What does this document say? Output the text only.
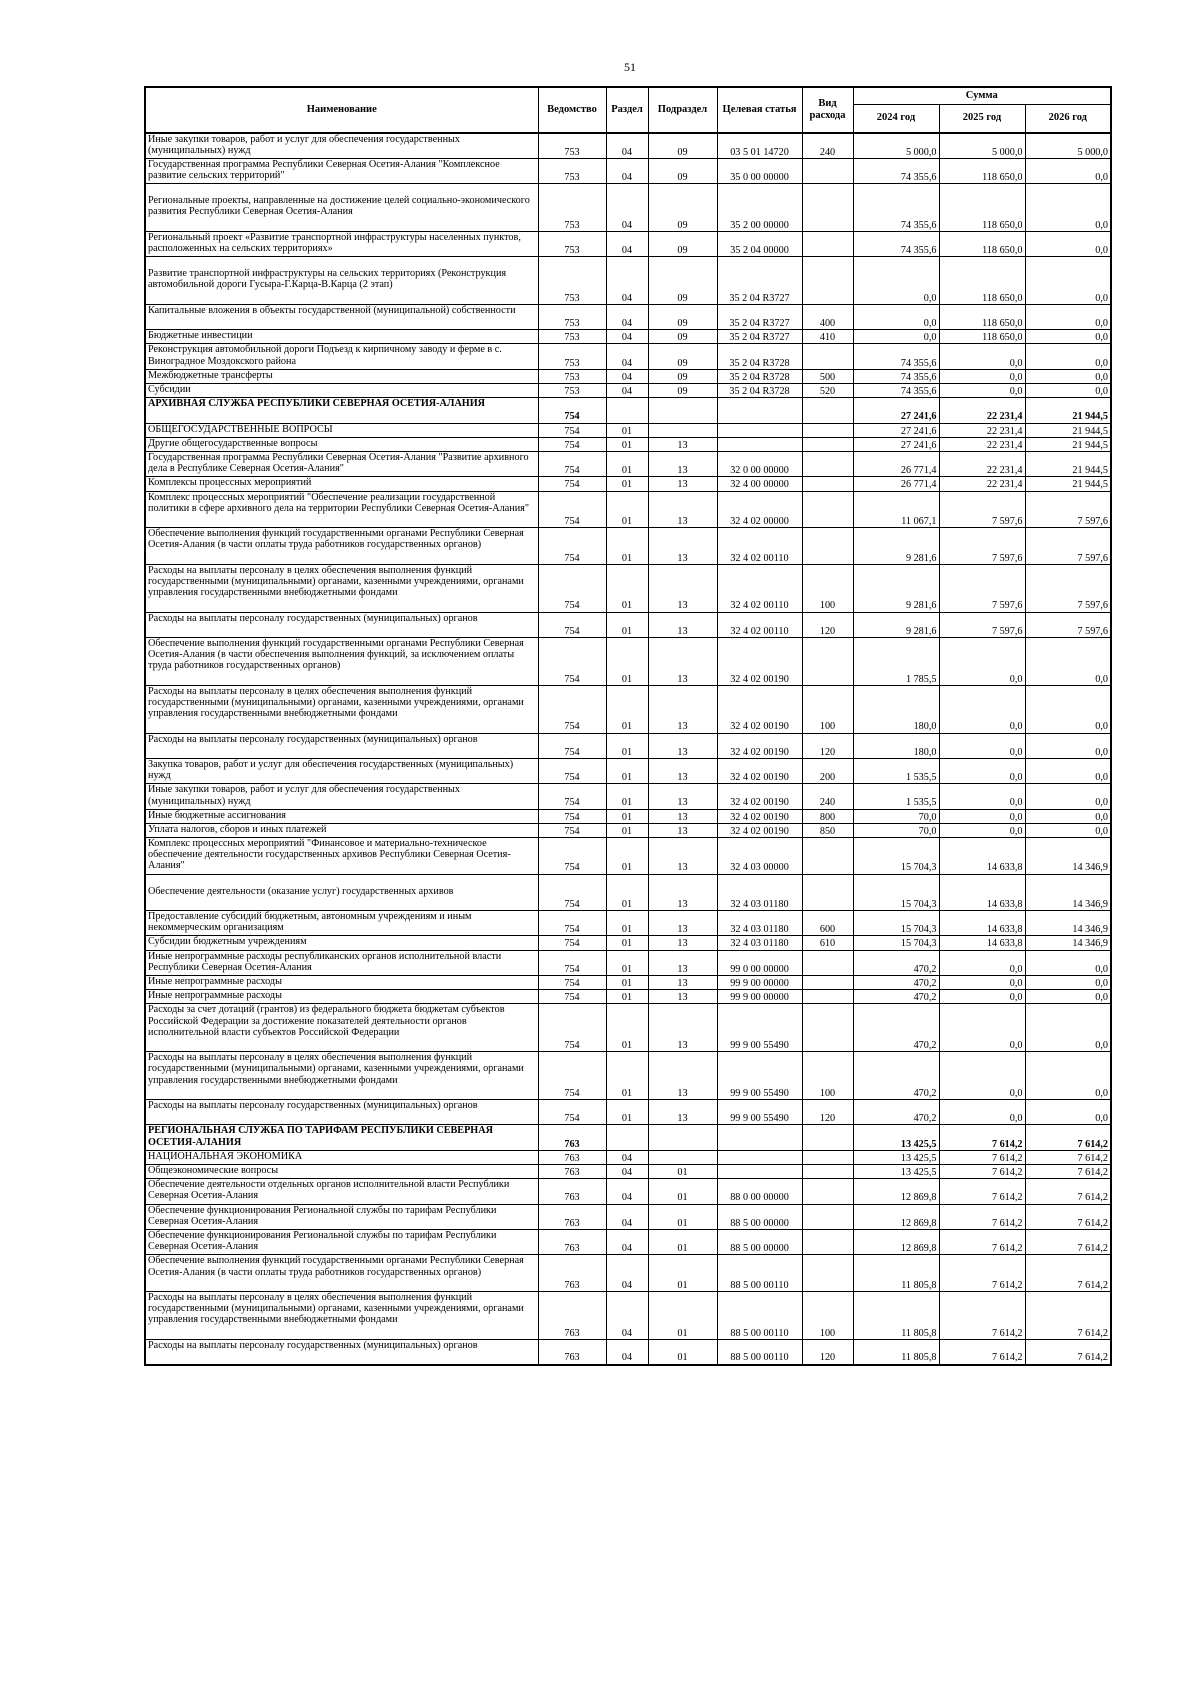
51
Наименование	Ведомство	Раздел	Подраздел	Целевая статья	Вид расхода	Сумма		
						2024 год	2025 год	2026 год
Иные закупки товаров, работ и услуг для обеспечения государственных (муниципальных) нужд	753	04	09	03 5 01 14720	240	5 000,0	5 000,0	5 000,0
Государственная программа Республики Северная Осетия-Алания "Комплексное развитие сельских территорий"	753	04	09	35 0 00 00000		74 355,6	118 650,0	0,0
Региональные проекты, направленные на достижение целей социально-экономического развития Республики Северная Осетия-Алания	753	04	09	35 2 00 00000		74 355,6	118 650,0	0,0
Региональный проект «Развитие транспортной инфраструктуры населенных пунктов, расположенных на сельских территориях»	753	04	09	35 2 04 00000		74 355,6	118 650,0	0,0
Развитие транспортной инфраструктуры на сельских территориях (Реконструкция автомобильной дороги Гусыра-Г.Карца-В.Карца (2 этап)	753	04	09	35 2 04 R3727		0,0	118 650,0	0,0
Капитальные вложения в объекты государственной (муниципальной) собственности	753	04	09	35 2 04 R3727	400	0,0	118 650,0	0,0
Бюджетные инвестиции	753	04	09	35 2 04 R3727	410	0,0	118 650,0	0,0
Реконструкция автомобильной дороги Подъезд к кирпичному заводу и ферме в с. Виноградное Моздокского района	753	04	09	35 2 04 R3728		74 355,6	0,0	0,0
Межбюджетные трансферты	753	04	09	35 2 04 R3728	500	74 355,6	0,0	0,0
Субсидии	753	04	09	35 2 04 R3728	520	74 355,6	0,0	0,0
АРХИВНАЯ СЛУЖБА РЕСПУБЛИКИ СЕВЕРНАЯ ОСЕТИЯ-АЛАНИЯ	754					27 241,6	22 231,4	21 944,5
ОБЩЕГОСУДАРСТВЕННЫЕ ВОПРОСЫ	754	01				27 241,6	22 231,4	21 944,5
Другие общегосударственные вопросы	754	01	13			27 241,6	22 231,4	21 944,5
Государственная программа Республики Северная Осетия-Алания "Развитие архивного дела в Республике Северная Осетия-Алания"	754	01	13	32 0 00 00000		26 771,4	22 231,4	21 944,5
Комплексы процессных мероприятий	754	01	13	32 4 00 00000		26 771,4	22 231,4	21 944,5
Комплекс процессных мероприятий "Обеспечение реализации государственной политики в сфере архивного дела на территории Республики Северная Осетия-Алания"	754	01	13	32 4 02 00000		11 067,1	7 597,6	7 597,6
Обеспечение выполнения функций государственными органами Республики Северная Осетия-Алания (в части оплаты труда работников государственных органов)	754	01	13	32 4 02 00110		9 281,6	7 597,6	7 597,6
Расходы на выплаты персоналу в целях обеспечения выполнения функций государственными (муниципальными) органами, казенными учреждениями, органами управления государственными внебюджетными фондами	754	01	13	32 4 02 00110	100	9 281,6	7 597,6	7 597,6
Расходы на выплаты персоналу государственных (муниципальных) органов	754	01	13	32 4 02 00110	120	9 281,6	7 597,6	7 597,6
Обеспечение выполнения функций государственными органами Республики Северная Осетия-Алания (в части обеспечения выполнения функций, за исключением оплаты труда работников государственных органов)	754	01	13	32 4 02 00190		1 785,5	0,0	0,0
Расходы на выплаты персоналу в целях обеспечения выполнения функций государственными (муниципальными) органами, казенными учреждениями, органами управления государственными внебюджетными фондами	754	01	13	32 4 02 00190	100	180,0	0,0	0,0
Расходы на выплаты персоналу государственных (муниципальных) органов	754	01	13	32 4 02 00190	120	180,0	0,0	0,0
Закупка товаров, работ и услуг для обеспечения государственных (муниципальных) нужд	754	01	13	32 4 02 00190	200	1 535,5	0,0	0,0
Иные закупки товаров, работ и услуг для обеспечения государственных (муниципальных) нужд	754	01	13	32 4 02 00190	240	1 535,5	0,0	0,0
Иные бюджетные ассигнования	754	01	13	32 4 02 00190	800	70,0	0,0	0,0
Уплата налогов, сборов и иных платежей	754	01	13	32 4 02 00190	850	70,0	0,0	0,0
Комплекс процессных мероприятий "Финансовое и материально-техническое обеспечение деятельности государственных архивов Республики Северная Осетия-Алания"	754	01	13	32 4 03 00000		15 704,3	14 633,8	14 346,9
Обеспечение деятельности (оказание услуг) государственных архивов	754	01	13	32 4 03 01180		15 704,3	14 633,8	14 346,9
Предоставление субсидий бюджетным, автономным учреждениям и иным некоммерческим организациям	754	01	13	32 4 03 01180	600	15 704,3	14 633,8	14 346,9
Субсидии бюджетным учреждениям	754	01	13	32 4 03 01180	610	15 704,3	14 633,8	14 346,9
Иные непрограммные расходы республиканских органов исполнительной власти Республики Северная Осетия-Алания	754	01	13	99 0 00 00000		470,2	0,0	0,0
Иные непрограммные расходы	754	01	13	99 9 00 00000		470,2	0,0	0,0
Иные непрограммные расходы	754	01	13	99 9 00 00000		470,2	0,0	0,0
Расходы за счет дотаций (грантов) из федерального бюджета бюджетам субъектов Российской Федерации за достижение показателей деятельности органов исполнительной власти субъектов Российской Федерации	754	01	13	99 9 00 55490		470,2	0,0	0,0
Расходы на выплаты персоналу в целях обеспечения выполнения функций государственными (муниципальными) органами, казенными учреждениями, органами управления государственными внебюджетными фондами	754	01	13	99 9 00 55490	100	470,2	0,0	0,0
Расходы на выплаты персоналу государственных (муниципальных) органов	754	01	13	99 9 00 55490	120	470,2	0,0	0,0
РЕГИОНАЛЬНАЯ СЛУЖБА ПО ТАРИФАМ РЕСПУБЛИКИ СЕВЕРНАЯ ОСЕТИЯ-АЛАНИЯ	763					13 425,5	7 614,2	7 614,2
НАЦИОНАЛЬНАЯ ЭКОНОМИКА	763	04				13 425,5	7 614,2	7 614,2
Общеэкономические вопросы	763	04	01			13 425,5	7 614,2	7 614,2
Обеспечение деятельности отдельных органов исполнительной власти Республики Северная Осетия-Алания	763	04	01	88 0 00 00000		12 869,8	7 614,2	7 614,2
Обеспечение функционирования Региональной службы по тарифам Республики Северная Осетия-Алания	763	04	01	88 5 00 00000		12 869,8	7 614,2	7 614,2
Обеспечение функционирования Региональной службы по тарифам Республики Северная Осетия-Алания	763	04	01	88 5 00 00000		12 869,8	7 614,2	7 614,2
Обеспечение выполнения функций государственными органами Республики Северная Осетия-Алания (в части оплаты труда работников государственных органов)	763	04	01	88 5 00 00110		11 805,8	7 614,2	7 614,2
Расходы на выплаты персоналу в целях обеспечения выполнения функций государственными (муниципальными) органами, казенными учреждениями, органами управления государственными внебюджетными фондами	763	04	01	88 5 00 00110	100	11 805,8	7 614,2	7 614,2
Расходы на выплаты персоналу государственных (муниципальных) органов	763	04	01	88 5 00 00110	120	11 805,8	7 614,2	7 614,2
